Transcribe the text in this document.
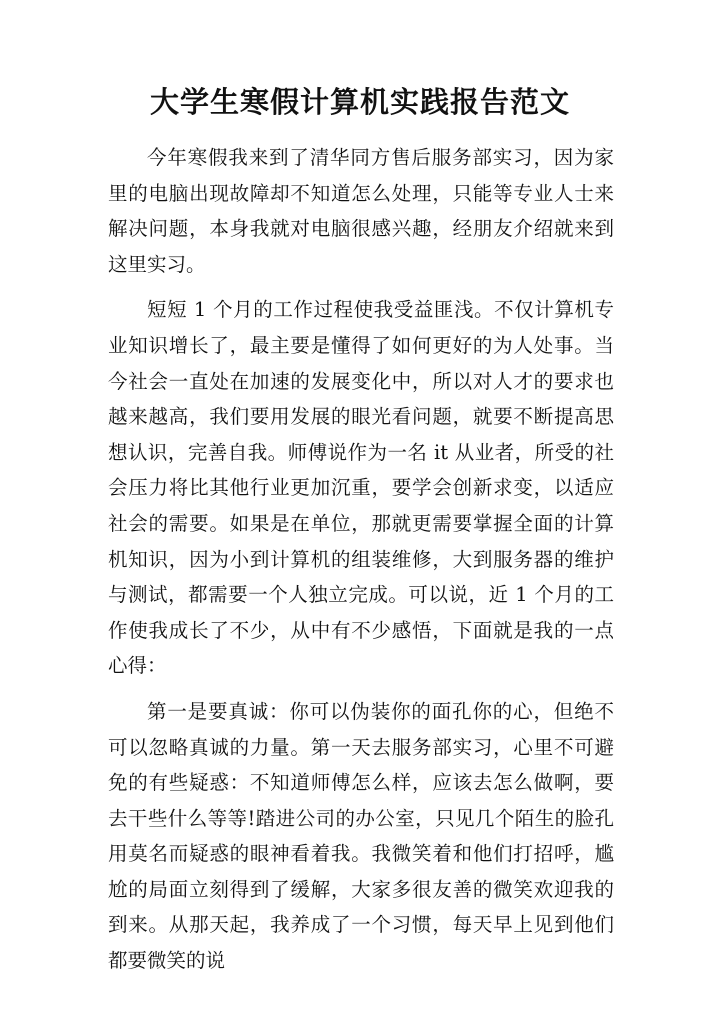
大学生寒假计算机实践报告范文

今年寒假我来到了清华同方售后服务部实习，因为家里的电脑出现故障却不知道怎么处理，只能等专业人士来解决问题，本身我就对电脑很感兴趣，经朋友介绍就来到这里实习。

短短 1 个月的工作过程使我受益匪浅。不仅计算机专业知识增长了，最主要是懂得了如何更好的为人处事。当今社会一直处在加速的发展变化中，所以对人才的要求也越来越高，我们要用发展的眼光看问题，就要不断提高思想认识，完善自我。师傅说作为一名 it 从业者，所受的社会压力将比其他行业更加沉重，要学会创新求变，以适应社会的需要。如果是在单位，那就更需要掌握全面的计算机知识，因为小到计算机的组装维修，大到服务器的维护与测试，都需要一个人独立完成。可以说，近 1 个月的工作使我成长了不少，从中有不少感悟，下面就是我的一点心得：

第一是要真诚：你可以伪装你的面孔你的心，但绝不可以忽略真诚的力量。第一天去服务部实习，心里不可避免的有些疑惑：不知道师傅怎么样，应该去怎么做啊，要去干些什么等等!踏进公司的办公室，只见几个陌生的脸孔用莫名而疑惑的眼神看着我。我微笑着和他们打招呼，尴尬的局面立刻得到了缓解，大家多很友善的微笑欢迎我的到来。从那天起，我养成了一个习惯，每天早上见到他们都要微笑的说
